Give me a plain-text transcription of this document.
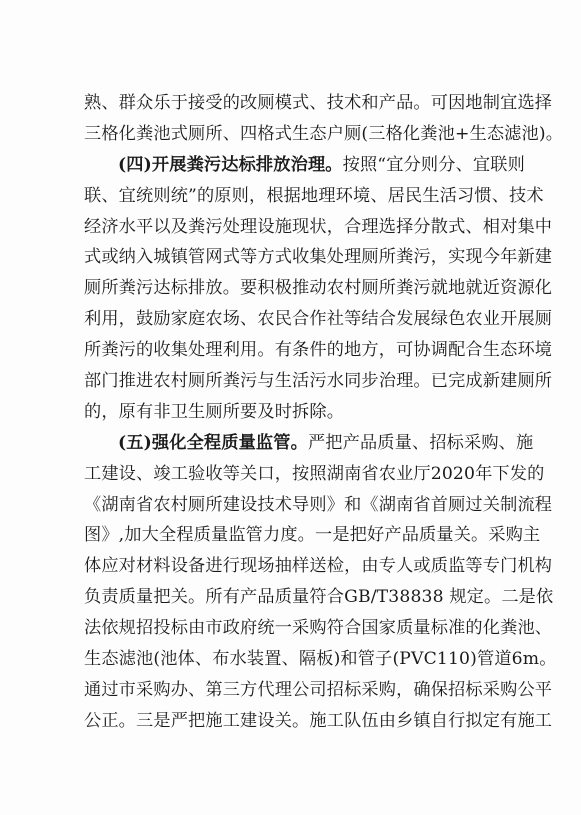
熟、群众乐于接受的改厕模式、技术和产品。可因地制宜选择
三格化粪池式厕所、四格式生态户厕(三格化粪池+生态滤池)。
(四)开展粪污达标排放治理。按照“宜分则分、宜联则
联、宜统则统”的原则，根据地理环境、居民生活习惯、技术
经济水平以及粪污处理设施现状，合理选择分散式、相对集中
式或纳入城镇管网式等方式收集处理厕所粪污，实现今年新建
厕所粪污达标排放。要积极推动农村厕所粪污就地就近资源化
利用，鼓励家庭农场、农民合作社等结合发展绿色农业开展厕
所粪污的收集处理利用。有条件的地方，可协调配合生态环境
部门推进农村厕所粪污与生活污水同步治理。已完成新建厕所
的，原有非卫生厕所要及时拆除。
(五)强化全程质量监管。严把产品质量、招标采购、施
工建设、竣工验收等关口，按照湖南省农业厅2020年下发的
《湖南省农村厕所建设技术导则》和《湖南省首厕过关制流程
图》,加大全程质量监管力度。一是把好产品质量关。采购主
体应对材料设备进行现场抽样送检，由专人或质监等专门机构
负责质量把关。所有产品质量符合GB/T38838 规定。二是依
法依规招投标由市政府统一采购符合国家质量标准的化粪池、
生态滤池(池体、布水装置、隔板)和管子(PVC110)管道6m。
通过市采购办、第三方代理公司招标采购，确保招标采购公平
公正。三是严把施工建设关。施工队伍由乡镇自行拟定有施工
